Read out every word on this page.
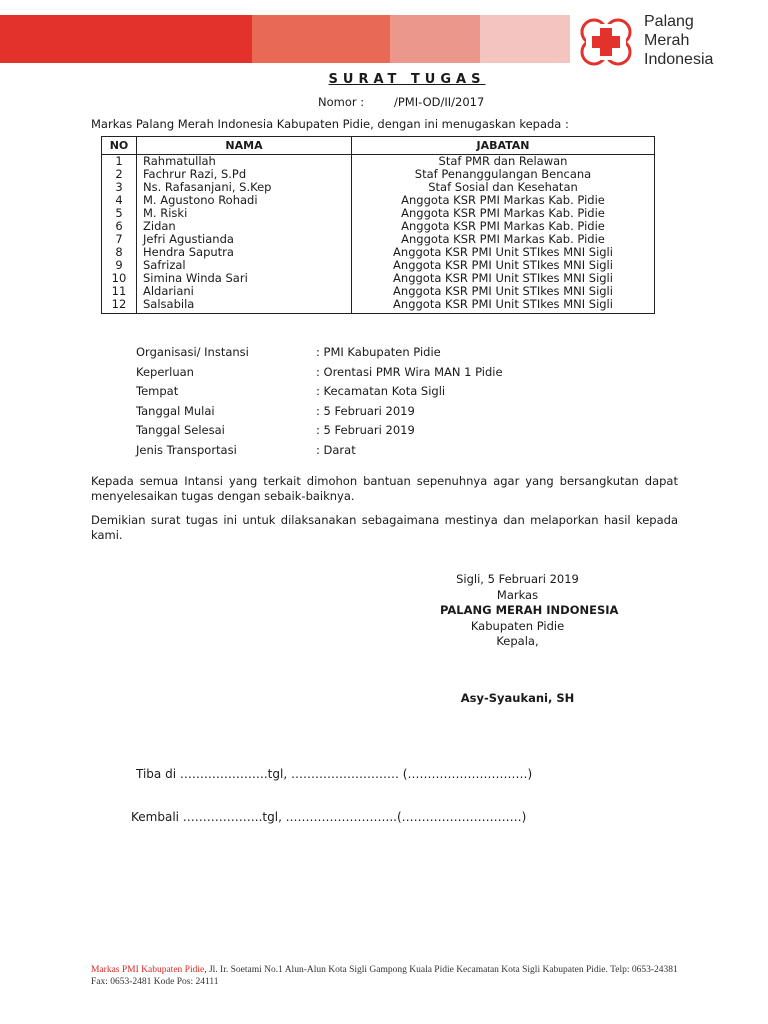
Palang
Merah
Indonesia
SURAT TUGAS
Nomor :	/PMI-OD/II/2017
Markas Palang Merah Indonesia Kabupaten Pidie, dengan ini menugaskan kepada :
NO	NAMA	JABATAN
1	Rahmatullah	Staf PMR dan Relawan
2	Fachrur Razi, S.Pd	Staf Penanggulangan Bencana
3	Ns. Rafasanjani, S.Kep	Staf Sosial dan Kesehatan
4	M. Agustono Rohadi	Anggota KSR PMI Markas Kab. Pidie
5	M. Riski	Anggota KSR PMI Markas Kab. Pidie
6	Zidan	Anggota KSR PMI Markas Kab. Pidie
7	Jefri Agustianda	Anggota KSR PMI Markas Kab. Pidie
8	Hendra Saputra	Anggota KSR PMI Unit STIkes MNI Sigli
9	Safrizal	Anggota KSR PMI Unit STIkes MNI Sigli
10	Simina Winda Sari	Anggota KSR PMI Unit STIkes MNI Sigli
11	Aldariani	Anggota KSR PMI Unit STIkes MNI Sigli
12	Salsabila	Anggota KSR PMI Unit STIkes MNI Sigli
Organisasi/ Instansi	: PMI Kabupaten Pidie
Keperluan	: Orentasi PMR Wira MAN 1 Pidie
Tempat	: Kecamatan Kota Sigli
Tanggal Mulai	: 5 Februari 2019
Tanggal Selesai	: 5 Februari 2019
Jenis Transportasi	: Darat
Kepada semua Intansi yang terkait dimohon bantuan sepenuhnya agar yang bersangkutan dapat menyelesaikan tugas dengan sebaik-baiknya.
Demikian surat tugas ini untuk dilaksanakan sebagaimana mestinya dan melaporkan hasil kepada kami.
Sigli, 5 Februari 2019
Markas
PALANG MERAH INDONESIA
Kabupaten Pidie
Kepala,
Asy-Syaukani, SH
Tiba di ………………….tgl, ……………………… (…………………………)
Kembali ………………..tgl, .……………………...(…………………………)
Markas PMI Kabupaten Pidie, Jl. Ir. Soetami No.1 Alun-Alun Kota Sigli Gampong Kuala Pidie Kecamatan Kota Sigli Kabupaten Pidie. Telp: 0653-24381 Fax: 0653-2481 Kode Pos: 24111
